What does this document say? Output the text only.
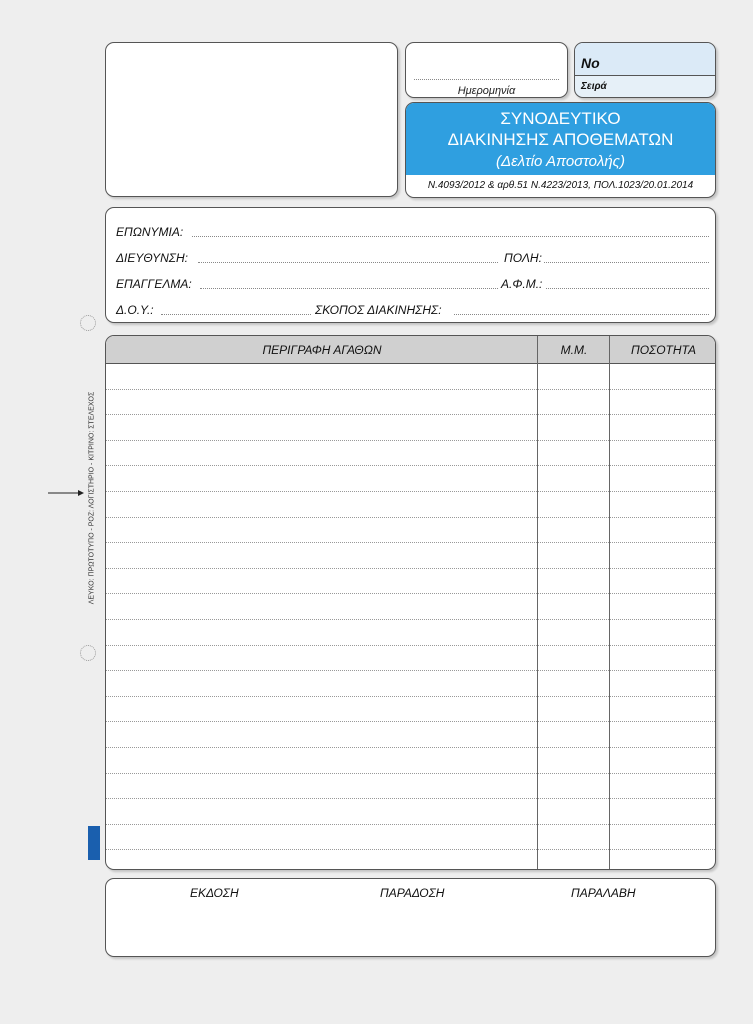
Ημερομηνία
Νο
Σειρά
ΣΥΝΟΔΕΥΤΙΚΟ
ΔΙΑΚΙΝΗΣΗΣ ΑΠΟΘΕΜΑΤΩΝ
(Δελτίο Αποστολής)
Ν.4093/2012 & αρθ.51 Ν.4223/2013, ΠΟΛ.1023/20.01.2014
ΕΠΩΝΥΜΙΑ:
ΔΙΕΥΘΥΝΣΗ:	ΠΟΛΗ:
ΕΠΑΓΓΕΛΜΑ:	Α.Φ.Μ.:
Δ.Ο.Υ.:	ΣΚΟΠΟΣ ΔΙΑΚΙΝΗΣΗΣ:
ΠΕΡΙΓΡΑΦΗ ΑΓΑΘΩΝ	Μ.Μ.	ΠΟΣΟΤΗΤΑ
ΕΚΔΟΣΗ	ΠΑΡΑΔΟΣΗ	ΠΑΡΑΛΑΒΗ
ΛΕΥΚΟ: ΠΡΩΤΟΤΥΠΟ - ΡΟΖ: ΛΟΓΙΣΤΗΡΙΟ - ΚΙΤΡΙΝΟ: ΣΤΕΛΕΧΟΣ
